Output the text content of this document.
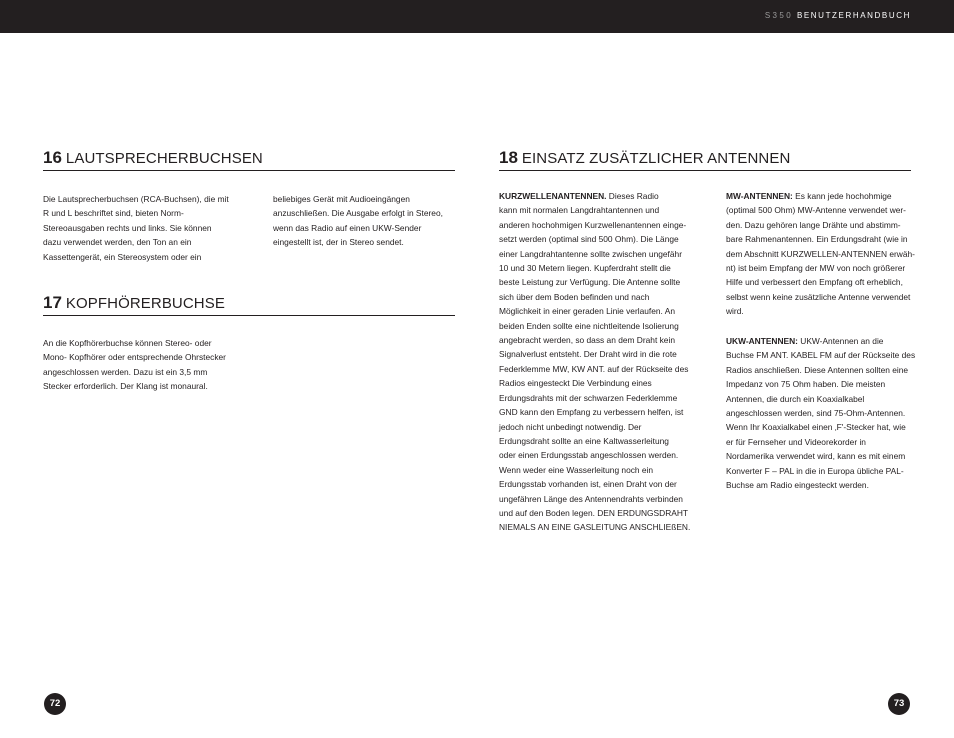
S350 BENUTZERHANDBUCH
16 LAUTSPRECHERBUCHSEN
Die Lautsprecherbuchsen (RCA-Buchsen), die mit
R und L beschriftet sind, bieten Norm-
Stereoausgaben rechts und links. Sie können
dazu verwendet werden, den Ton an ein
Kassettengerät, ein Stereosystem oder ein
beliebiges Gerät mit Audioeingängen
anzuschließen. Die Ausgabe erfolgt in Stereo,
wenn das Radio auf einen UKW-Sender
eingestellt ist, der in Stereo sendet.
17 KOPFHÖRERBUCHSE
An die Kopfhörerbuchse können Stereo- oder
Mono- Kopfhörer oder entsprechende Ohrstecker
angeschlossen werden. Dazu ist ein 3,5 mm
Stecker erforderlich. Der Klang ist monaural.
18 EINSATZ ZUSÄTZLICHER ANTENNEN
KURZWELLENANTENNEN. Dieses Radio
kann mit normalen Langdrahtantennen und
anderen hochohmigen Kurzwellenantennen einge-
setzt werden (optimal sind 500 Ohm). Die Länge
einer Langdrahtantenne sollte zwischen ungefähr
10 und 30 Metern liegen. Kupferdraht stellt die
beste Leistung zur Verfügung. Die Antenne sollte
sich über dem Boden befinden und nach
Möglichkeit in einer geraden Linie verlaufen. An
beiden Enden sollte eine nichtleitende Isolierung
angebracht werden, so dass an dem Draht kein
Signalverlust entsteht. Der Draht wird in die rote
Federklemme MW, KW ANT. auf der Rückseite des
Radios eingesteckt Die Verbindung eines
Erdungsdrahts mit der schwarzen Federklemme
GND kann den Empfang zu verbessern helfen, ist
jedoch nicht unbedingt notwendig. Der
Erdungsdraht sollte an eine Kaltwasserleitung
oder einen Erdungsstab angeschlossen werden.
Wenn weder eine Wasserleitung noch ein
Erdungsstab vorhanden ist, einen Draht von der
ungefähren Länge des Antennendrahts verbinden
und auf den Boden legen. DEN ERDUNGSDRAHT
NIEMALS AN EINE GASLEITUNG ANSCHLIEßEN.
MW-ANTENNEN: Es kann jede hochohmige
(optimal 500 Ohm) MW-Antenne verwendet wer-
den. Dazu gehören lange Drähte und abstimm-
bare Rahmenantennen. Ein Erdungsdraht (wie in
dem Abschnitt KURZWELLEN-ANTENNEN erwäh-
nt) ist beim Empfang der MW von noch größerer
Hilfe und verbessert den Empfang oft erheblich,
selbst wenn keine zusätzliche Antenne verwendet
wird.
UKW-ANTENNEN: UKW-Antennen an die
Buchse FM ANT. KABEL FM auf der Rückseite des
Radios anschließen. Diese Antennen sollten eine
Impedanz von 75 Ohm haben. Die meisten
Antennen, die durch ein Koaxialkabel
angeschlossen werden, sind 75-Ohm-Antennen.
Wenn Ihr Koaxialkabel einen ‚F'-Stecker hat, wie
er für Fernseher und Videorekorder in
Nordamerika verwendet wird, kann es mit einem
Konverter F – PAL in die in Europa übliche PAL-
Buchse am Radio eingesteckt werden.
72	73
